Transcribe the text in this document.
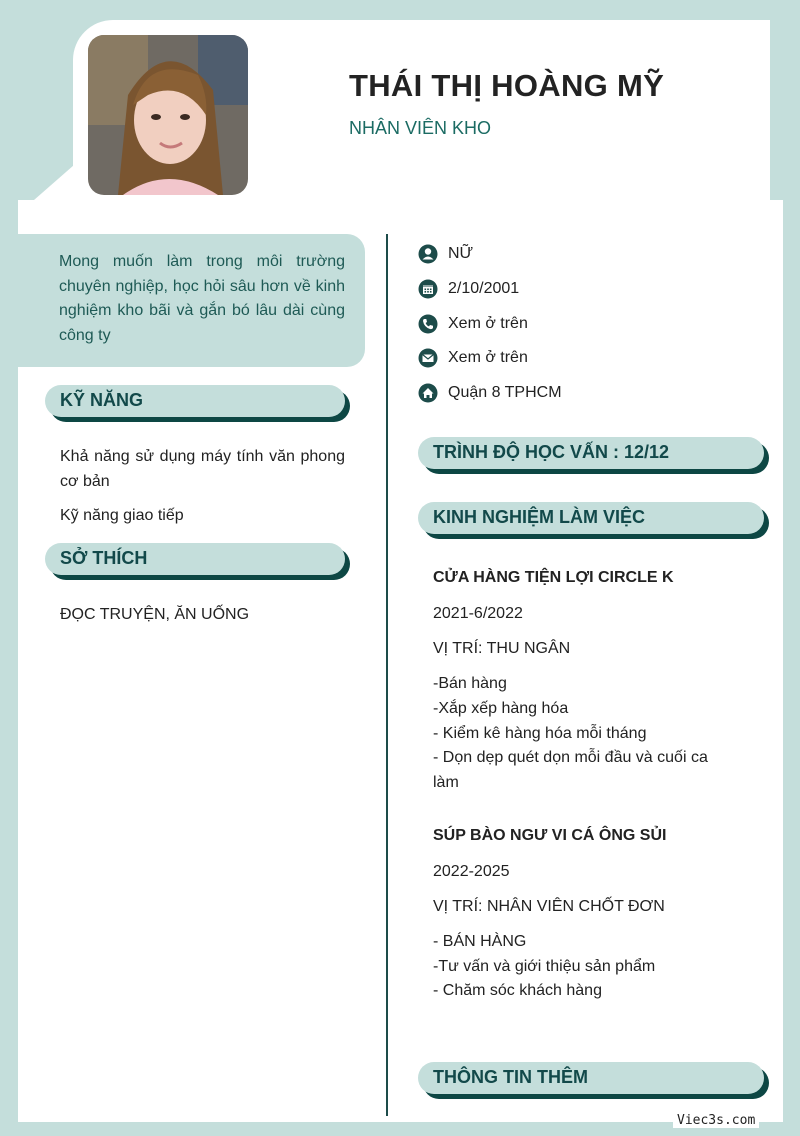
THÁI THỊ HOÀNG MỸ
NHÂN VIÊN KHO
Mong muốn làm trong môi trường chuyên nghiệp, học hỏi sâu hơn về kinh nghiệm kho bãi và gắn bó lâu dài cùng công ty
KỸ NĂNG
Khả năng sử dụng máy tính văn phong cơ bản
Kỹ năng giao tiếp
SỞ THÍCH
ĐỌC TRUYỆN, ĂN UỐNG
NỮ
2/10/2001
Xem ở trên
Xem ở trên
Quận 8 TPHCM
TRÌNH ĐỘ HỌC VẤN : 12/12
KINH NGHIỆM LÀM VIỆC
CỬA HÀNG TIỆN LỢI CIRCLE K
2021-6/2022
VỊ TRÍ: THU NGÂN
-Bán hàng
-Xắp xếp hàng hóa
- Kiểm kê hàng hóa mỗi tháng
- Dọn dẹp quét dọn mỗi đầu và cuối ca làm
SÚP BÀO NGƯ VI CÁ ÔNG SỦI
2022-2025
VỊ TRÍ: NHÂN VIÊN CHỐT ĐƠN
- BÁN HÀNG
-Tư vấn và giới thiệu sản phẩm
- Chăm sóc khách hàng
THÔNG TIN THÊM
Viec3s.com
